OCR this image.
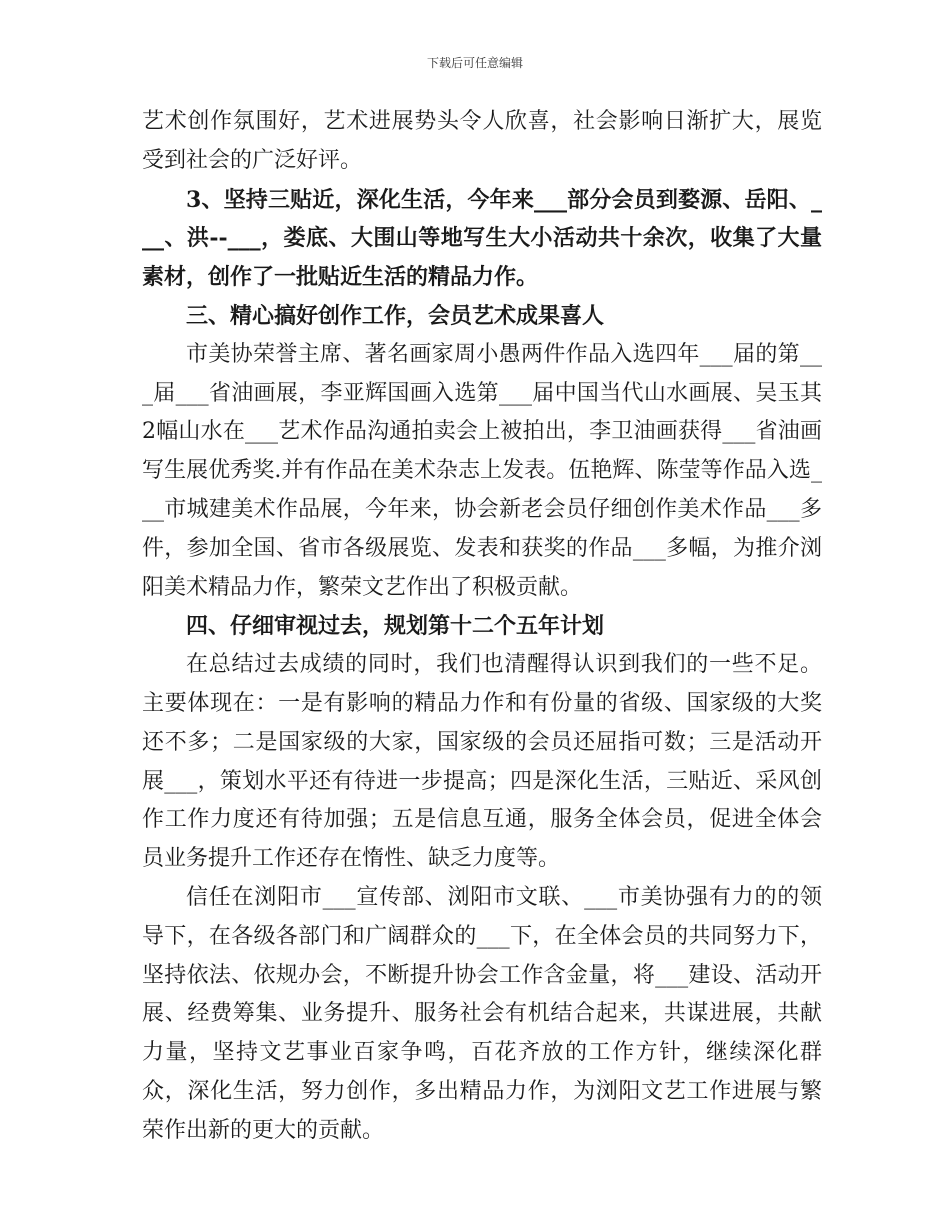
下载后可任意编辑

艺术创作氛围好，艺术进展势头令人欣喜，社会影响日渐扩大，展览受到社会的广泛好评。

3、坚持三贴近，深化生活，今年来___部分会员到婺源、岳阳、___、洪--___，娄底、大围山等地写生大小活动共十余次，收集了大量素材，创作了一批贴近生活的精品力作。

三、精心搞好创作工作，会员艺术成果喜人

市美协荣誉主席、著名画家周小愚两件作品入选四年___届的第___届___省油画展，李亚辉国画入选第___届中国当代山水画展、吴玉其2幅山水在___艺术作品沟通拍卖会上被拍出，李卫油画获得___省油画写生展优秀奖.并有作品在美术杂志上发表。伍艳辉、陈莹等作品入选___市城建美术作品展，今年来，协会新老会员仔细创作美术作品___多件，参加全国、省市各级展览、发表和获奖的作品___多幅，为推介浏阳美术精品力作，繁荣文艺作出了积极贡献。

四、仔细审视过去，规划第十二个五年计划

在总结过去成绩的同时，我们也清醒得认识到我们的一些不足。主要体现在：一是有影响的精品力作和有份量的省级、国家级的大奖还不多；二是国家级的大家，国家级的会员还屈指可数；三是活动开展___，策划水平还有待进一步提高；四是深化生活，三贴近、采风创作工作力度还有待加强；五是信息互通，服务全体会员，促进全体会员业务提升工作还存在惰性、缺乏力度等。

信任在浏阳市___宣传部、浏阳市文联、___市美协强有力的的领导下，在各级各部门和广阔群众的___下，在全体会员的共同努力下，坚持依法、依规办会，不断提升协会工作含金量，将___建设、活动开展、经费筹集、业务提升、服务社会有机结合起来，共谋进展，共献力量，坚持文艺事业百家争鸣，百花齐放的工作方针，继续深化群众，深化生活，努力创作，多出精品力作，为浏阳文艺工作进展与繁荣作出新的更大的贡献。
